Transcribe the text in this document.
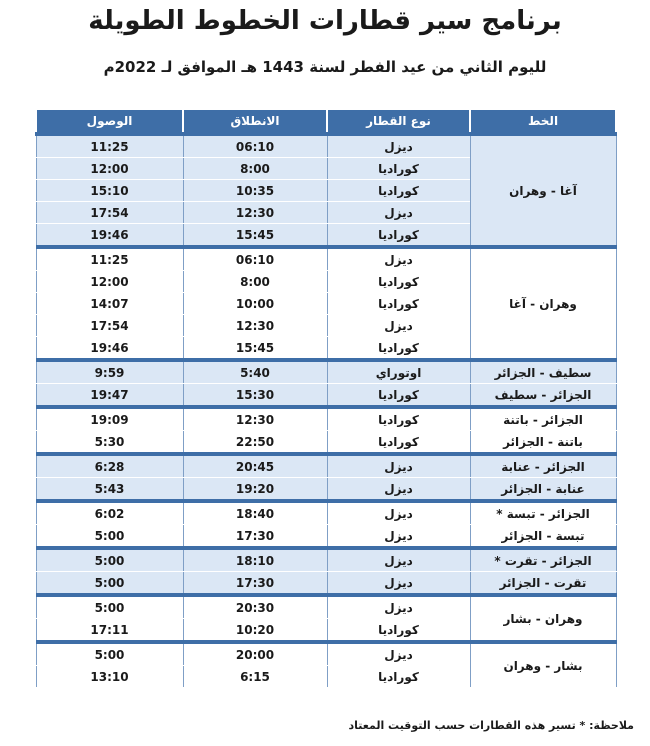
برنامج سير قطارات الخطوط الطويلة
لليوم الثاني من عيد الفطر لسنة 1443 هـ الموافق لـ 2022م
الخط	نوع القطار	الانطلاق	الوصول
آغا - وهران	ديزل	06:10	11:25
	كوراديا	8:00	12:00
	كوراديا	10:35	15:10
	ديزل	12:30	17:54
	كوراديا	15:45	19:46
وهران - آغا	ديزل	06:10	11:25
	كوراديا	8:00	12:00
	كوراديا	10:00	14:07
	ديزل	12:30	17:54
	كوراديا	15:45	19:46
سطيف - الجزائر	اوتوراي	5:40	9:59
الجزائر - سطيف	كوراديا	15:30	19:47
الجزائر - باتنة	كوراديا	12:30	19:09
باتنة - الجزائر	كوراديا	22:50	5:30
الجزائر - عنابة	ديزل	20:45	6:28
عنابة - الجزائر	ديزل	19:20	5:43
الجزائر - تبسة *	ديزل	18:40	6:02
تبسة - الجزائر	ديزل	17:30	5:00
الجزائر - تقرت *	ديزل	18:10	5:00
تقرت - الجزائر	ديزل	17:30	5:00
وهران - بشار	ديزل	20:30	5:00
	كوراديا	10:20	17:11
بشار - وهران	ديزل	20:00	5:00
	كوراديا	6:15	13:10
ملاحظة: * تسير هذه القطارات حسب التوقيت المعتاد
